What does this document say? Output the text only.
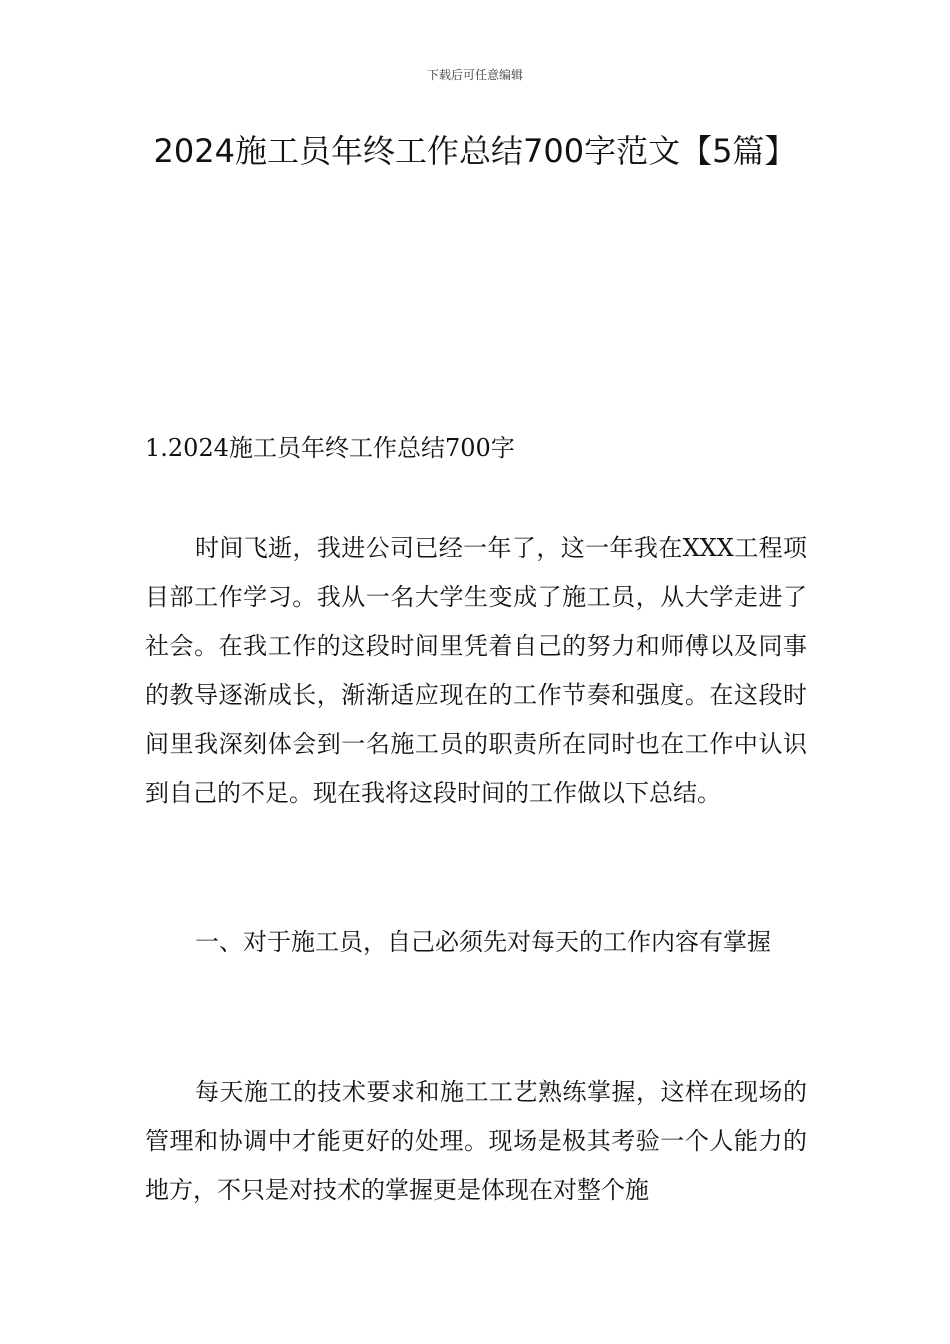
下载后可任意编辑
2024施工员年终工作总结700字范文【5篇】

1.2024施工员年终工作总结700字

时间飞逝，我进公司已经一年了，这一年我在XXX工程项目部工作学习。我从一名大学生变成了施工员，从大学走进了社会。在我工作的这段时间里凭着自己的努力和师傅以及同事的教导逐渐成长，渐渐适应现在的工作节奏和强度。在这段时间里我深刻体会到一名施工员的职责所在同时也在工作中认识到自己的不足。现在我将这段时间的工作做以下总结。

一、对于施工员，自己必须先对每天的工作内容有掌握

每天施工的技术要求和施工工艺熟练掌握，这样在现场的管理和协调中才能更好的处理。现场是极其考验一个人能力的地方，不只是对技术的掌握更是体现在对整个施
